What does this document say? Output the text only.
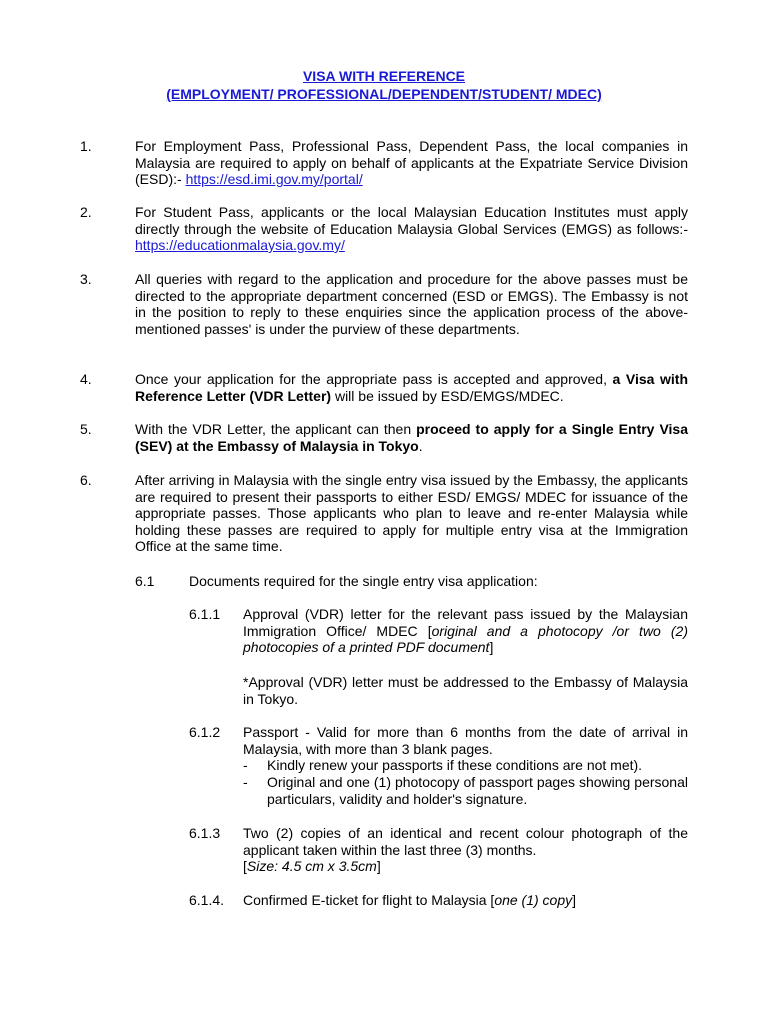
VISA WITH REFERENCE
(EMPLOYMENT/ PROFESSIONAL/DEPENDENT/STUDENT/ MDEC)
1.	For Employment Pass, Professional Pass, Dependent Pass, the local companies in Malaysia are required to apply on behalf of applicants at the Expatriate Service Division (ESD):- https://esd.imi.gov.my/portal/
2.	For Student Pass, applicants or the local Malaysian Education Institutes must apply directly through the website of Education Malaysia Global Services (EMGS) as follows:- https://educationmalaysia.gov.my/
3.	All queries with regard to the application and procedure for the above passes must be directed to the appropriate department concerned (ESD or EMGS). The Embassy is not in the position to reply to these enquiries since the application process of the above-mentioned passes' is under the purview of these departments.
4.	Once your application for the appropriate pass is accepted and approved, a Visa with Reference Letter (VDR Letter) will be issued by ESD/EMGS/MDEC.
5.	With the VDR Letter, the applicant can then proceed to apply for a Single Entry Visa (SEV) at the Embassy of Malaysia in Tokyo.
6.	After arriving in Malaysia with the single entry visa issued by the Embassy, the applicants are required to present their passports to either ESD/ EMGS/ MDEC for issuance of the appropriate passes. Those applicants who plan to leave and re-enter Malaysia while holding these passes are required to apply for multiple entry visa at the Immigration Office at the same time.
6.1 Documents required for the single entry visa application:
6.1.1 Approval (VDR) letter for the relevant pass issued by the Malaysian Immigration Office/ MDEC [original and a photocopy /or two (2) photocopies of a printed PDF document]
*Approval (VDR) letter must be addressed to the Embassy of Malaysia in Tokyo.
6.1.2 Passport - Valid for more than 6 months from the date of arrival in Malaysia, with more than 3 blank pages.
- Kindly renew your passports if these conditions are not met).
- Original and one (1) photocopy of passport pages showing personal particulars, validity and holder's signature.
6.1.3 Two (2) copies of an identical and recent colour photograph of the applicant taken within the last three (3) months.
[Size: 4.5 cm x 3.5cm]
6.1.4. Confirmed E-ticket for flight to Malaysia [one (1) copy]
